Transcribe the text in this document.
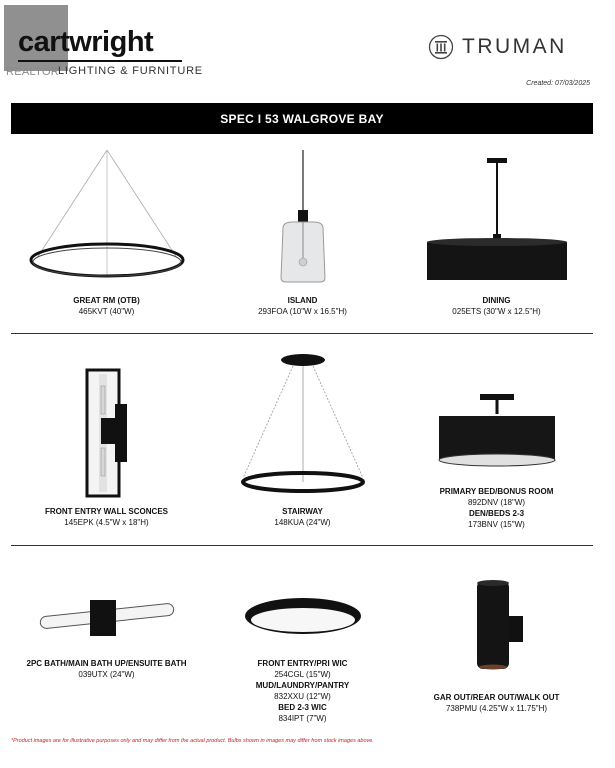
REALTOR
cartwright
LIGHTING & FURNITURE
TRUMAN
Created: 07/03/2025
SPEC I 53 WALGROVE BAY
GREAT RM (OTB)
465KVT (40"W)
ISLAND
293FOA (10"W x 16.5"H)
DINING
025ETS (30"W x 12.5"H)
FRONT ENTRY WALL SCONCES
145EPK (4.5"W x 18"H)
STAIRWAY
148KUA (24"W)
PRIMARY BED/BONUS ROOM
892DNV (18"W)
DEN/BEDS 2-3
173BNV (15"W)
2PC BATH/MAIN BATH UP/ENSUITE BATH
039UTX (24"W)
FRONT ENTRY/PRI WIC
254CGL (15"W)
MUD/LAUNDRY/PANTRY
832XXU (12"W)
BED 2-3 WIC
834IPT (7"W)
GAR OUT/REAR OUT/WALK OUT
738PMU (4.25"W x 11.75"H)
*Product images are for illustrative purposes only and may differ from the actual product. Bulbs shown in images may differ from stock images above.
